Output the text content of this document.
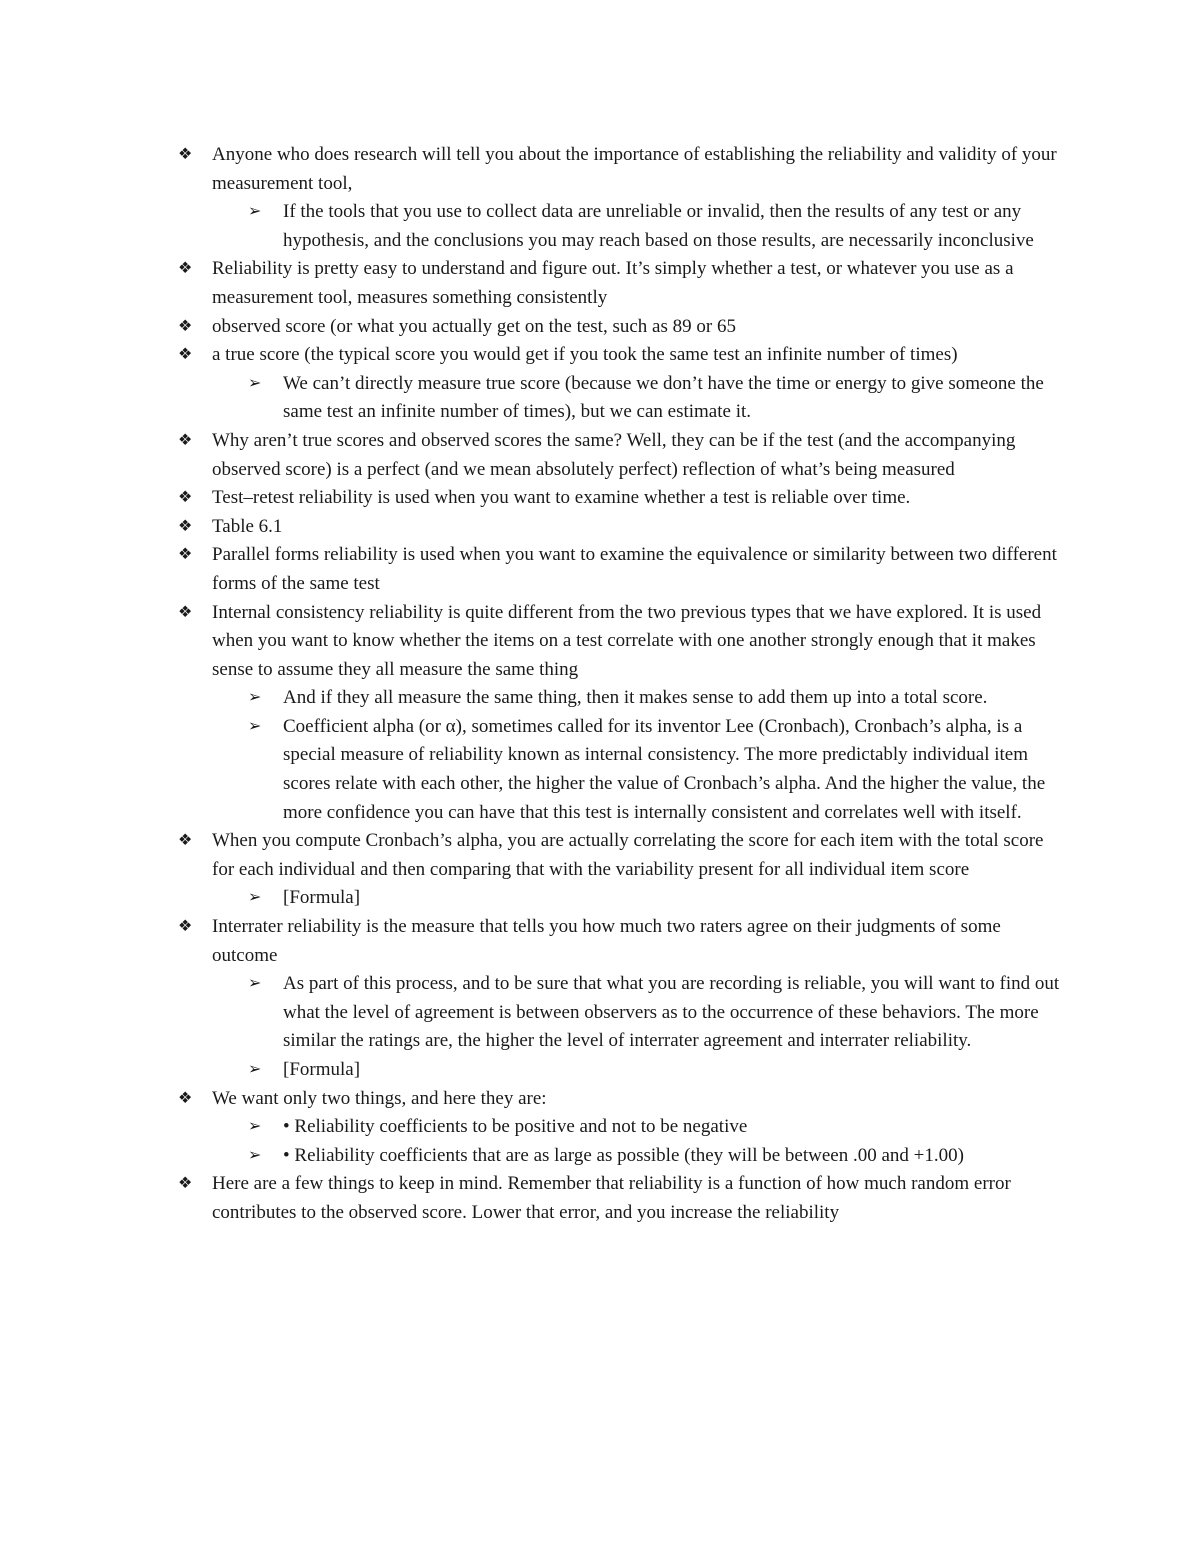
❖ Anyone who does research will tell you about the importance of establishing the reliability and validity of your measurement tool,
➢ If the tools that you use to collect data are unreliable or invalid, then the results of any test or any hypothesis, and the conclusions you may reach based on those results, are necessarily inconclusive
❖ Reliability is pretty easy to understand and figure out. It’s simply whether a test, or whatever you use as a measurement tool, measures something consistently
❖ observed score (or what you actually get on the test, such as 89 or 65
❖ a true score (the typical score you would get if you took the same test an infinite number of times)
➢ We can’t directly measure true score (because we don’t have the time or energy to give someone the same test an infinite number of times), but we can estimate it.
❖ Why aren’t true scores and observed scores the same? Well, they can be if the test (and the accompanying observed score) is a perfect (and we mean absolutely perfect) reflection of what’s being measured
❖ Test–retest reliability is used when you want to examine whether a test is reliable over time.
❖ Table 6.1
❖ Parallel forms reliability is used when you want to examine the equivalence or similarity between two different forms of the same test
❖ Internal consistency reliability is quite different from the two previous types that we have explored. It is used when you want to know whether the items on a test correlate with one another strongly enough that it makes sense to assume they all measure the same thing
➢ And if they all measure the same thing, then it makes sense to add them up into a total score.
➢ Coefficient alpha (or α), sometimes called for its inventor Lee (Cronbach), Cronbach’s alpha, is a special measure of reliability known as internal consistency. The more predictably individual item scores relate with each other, the higher the value of Cronbach’s alpha. And the higher the value, the more confidence you can have that this test is internally consistent and correlates well with itself.
❖ When you compute Cronbach’s alpha, you are actually correlating the score for each item with the total score for each individual and then comparing that with the variability present for all individual item score
➢ [Formula]
❖ Interrater reliability is the measure that tells you how much two raters agree on their judgments of some outcome
➢ As part of this process, and to be sure that what you are recording is reliable, you will want to find out what the level of agreement is between observers as to the occurrence of these behaviors. The more similar the ratings are, the higher the level of interrater agreement and interrater reliability.
➢ [Formula]
❖ We want only two things, and here they are:
➢ • Reliability coefficients to be positive and not to be negative
➢ • Reliability coefficients that are as large as possible (they will be between .00 and +1.00)
❖ Here are a few things to keep in mind. Remember that reliability is a function of how much random error contributes to the observed score. Lower that error, and you increase the reliability
